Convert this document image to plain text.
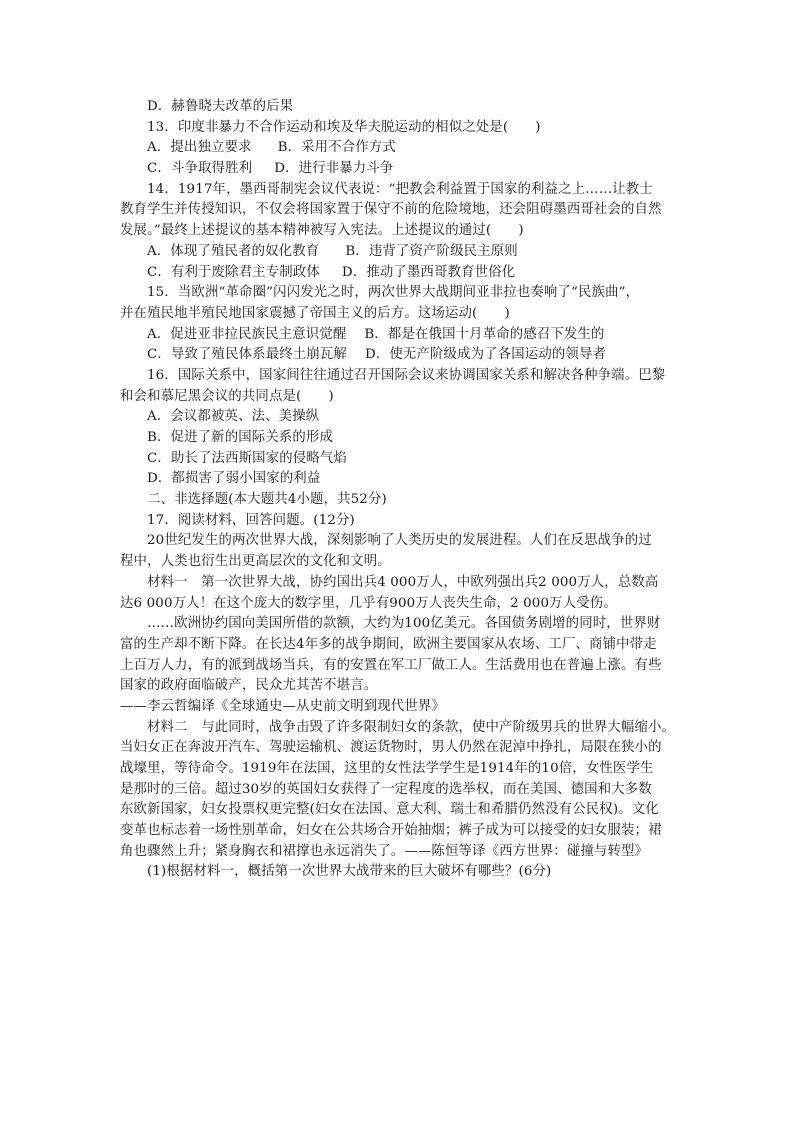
D．赫鲁晓夫改革的后果
13．印度非暴力不合作运动和埃及华夫脱运动的相似之处是(　　)
A．提出独立要求 B．采用不合作方式
C．斗争取得胜利 D．进行非暴力斗争
14．1917年，墨西哥制宪会议代表说：“把教会利益置于国家的利益之上……让教士
教育学生并传授知识，不仅会将国家置于保守不前的危险境地，还会阻碍墨西哥社会的自然
发展。”最终上述提议的基本精神被写入宪法。上述提议的通过(　　)
A．体现了殖民者的奴化教育 B．违背了资产阶级民主原则
C．有利于废除君主专制政体 D．推动了墨西哥教育世俗化
15．当欧洲“革命圈”闪闪发光之时，两次世界大战期间亚非拉也奏响了“民族曲”，
并在殖民地半殖民地国家震撼了帝国主义的后方。这场运动(　　)
A．促进亚非拉民族民主意识觉醒 B．都是在俄国十月革命的感召下发生的
C．导致了殖民体系最终土崩瓦解 D．使无产阶级成为了各国运动的领导者
16．国际关系中，国家间往往通过召开国际会议来协调国家关系和解决各种争端。巴黎
和会和慕尼黑会议的共同点是(　　)
A．会议都被英、法、美操纵
B．促进了新的国际关系的形成
C．助长了法西斯国家的侵略气焰
D．都损害了弱小国家的利益
二、非选择题(本大题共4小题，共52分)
17．阅读材料，回答问题。(12分)
20世纪发生的两次世界大战，深刻影响了人类历史的发展进程。人们在反思战争的过
程中，人类也衍生出更高层次的文化和文明。
材料一　第一次世界大战，协约国出兵4 000万人，中欧列强出兵2 000万人，总数高
达6 000万人！在这个庞大的数字里，几乎有900万人丧失生命，2 000万人受伤。
……欧洲协约国向美国所借的款额，大约为100亿美元。各国债务剧增的同时，世界财
富的生产却不断下降。在长达4年多的战争期间，欧洲主要国家从农场、工厂、商铺中带走
上百万人力，有的派到战场当兵，有的安置在军工厂做工人。生活费用也在普遍上涨。有些
国家的政府面临破产，民众尤其苦不堪言。
——李云哲编译《全球通史—从史前文明到现代世界》
材料二　与此同时，战争击毁了许多限制妇女的条款，使中产阶级男兵的世界大幅缩小。
当妇女正在奔波开汽车、驾驶运输机、渡运货物时，男人仍然在泥淖中挣扎，局限在狭小的
战壕里，等待命令。1919年在法国，这里的女性法学学生是1914年的10倍，女性医学生
是那时的三倍。超过30岁的英国妇女获得了一定程度的选举权，而在美国、德国和大多数
东欧新国家，妇女投票权更完整(妇女在法国、意大利、瑞士和希腊仍然没有公民权)。文化
变革也标志着一场性别革命，妇女在公共场合开始抽烟；裤子成为可以接受的妇女服装；裙
角也骤然上升；紧身胸衣和裙撑也永远消失了。——陈恒等译《西方世界：碰撞与转型》
(1)根据材料一，概括第一次世界大战带来的巨大破坏有哪些？(6分)
